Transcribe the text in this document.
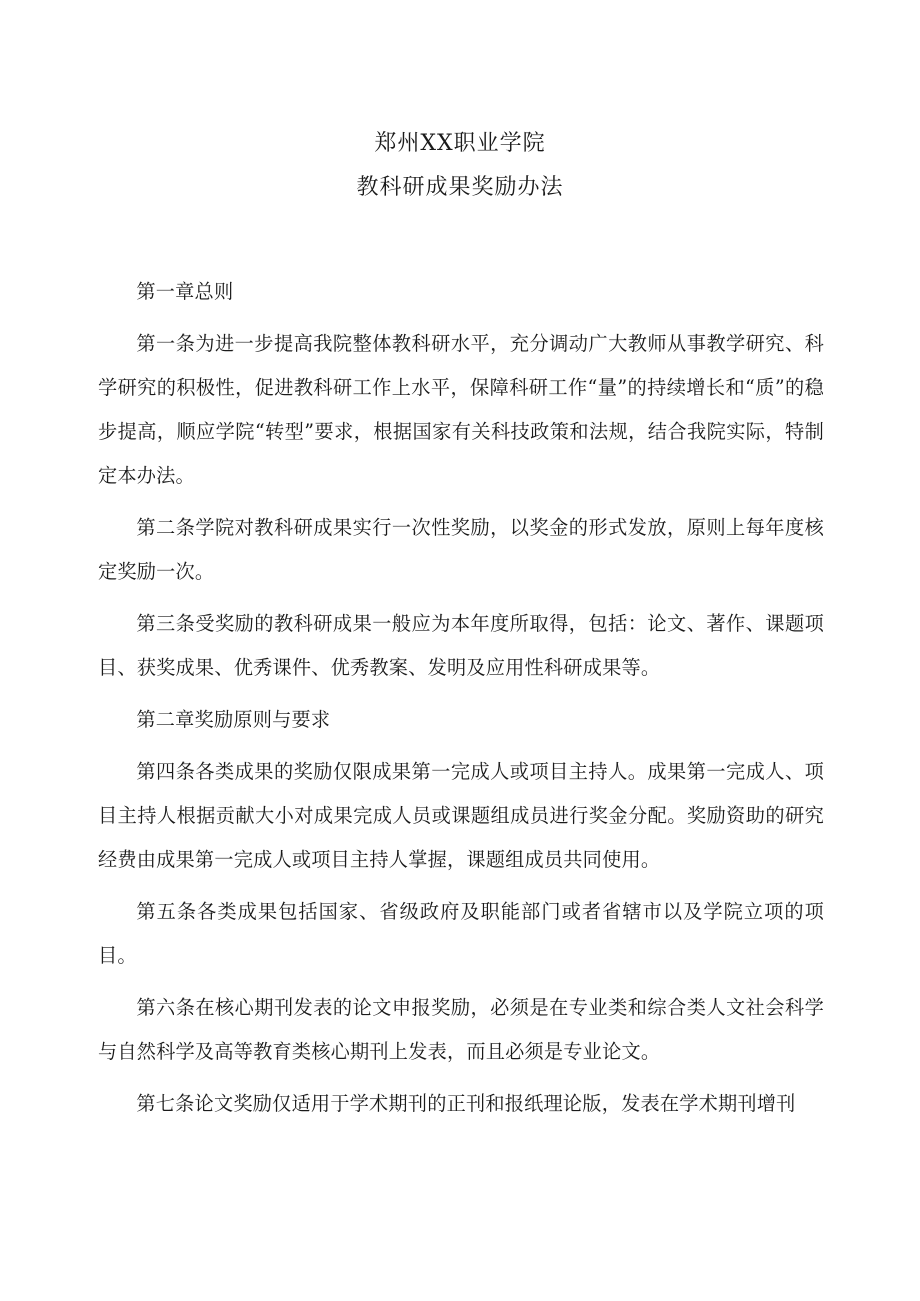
郑州XX职业学院
教科研成果奖励办法
第一章总则

第一条为进一步提高我院整体教科研水平，充分调动广大教师从事教学研究、科学研究的积极性，促进教科研工作上水平，保障科研工作“量”的持续增长和“质”的稳步提高，顺应学院“转型”要求，根据国家有关科技政策和法规，结合我院实际，特制定本办法。

第二条学院对教科研成果实行一次性奖励，以奖金的形式发放，原则上每年度核定奖励一次。

第三条受奖励的教科研成果一般应为本年度所取得，包括：论文、著作、课题项目、获奖成果、优秀课件、优秀教案、发明及应用性科研成果等。

第二章奖励原则与要求

第四条各类成果的奖励仅限成果第一完成人或项目主持人。成果第一完成人、项目主持人根据贡献大小对成果完成人员或课题组成员进行奖金分配。奖励资助的研究经费由成果第一完成人或项目主持人掌握，课题组成员共同使用。

第五条各类成果包括国家、省级政府及职能部门或者省辖市以及学院立项的项目。

第六条在核心期刊发表的论文申报奖励，必须是在专业类和综合类人文社会科学与自然科学及高等教育类核心期刊上发表，而且必须是专业论文。

第七条论文奖励仅适用于学术期刊的正刊和报纸理论版，发表在学术期刊增刊
